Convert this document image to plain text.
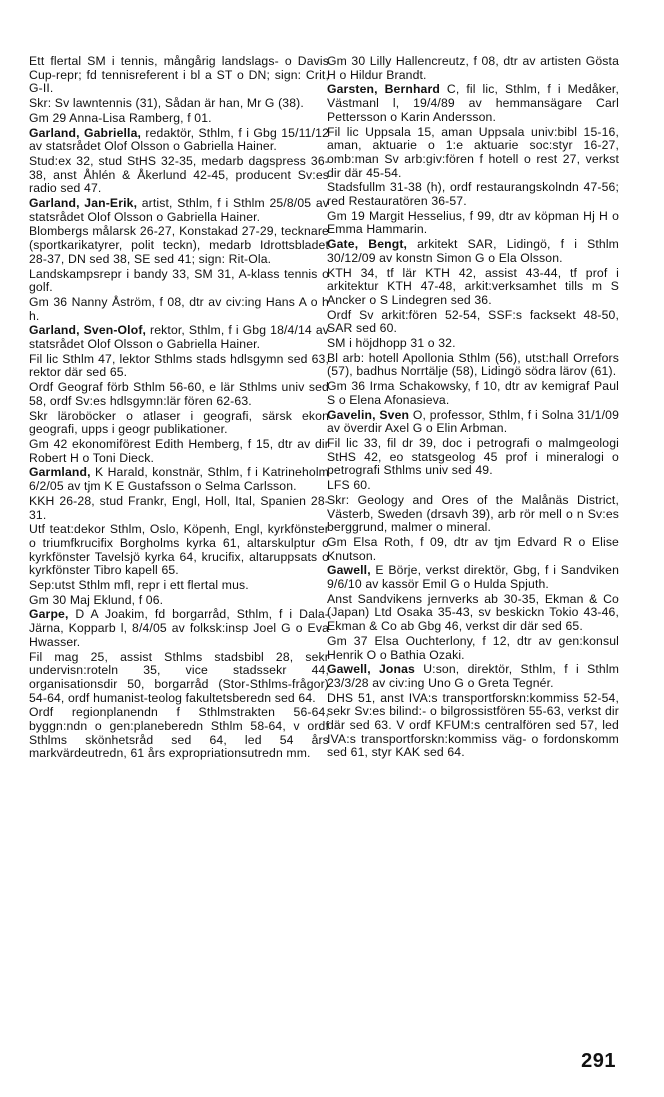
Ett flertal SM i tennis, mångårig landslags- o Davis Cup-repr; fd tennisreferent i bl a ST o DN; sign: Crit, G-II.
Skr: Sv lawntennis (31), Sådan är han, Mr G (38).
Gm 29 Anna-Lisa Ramberg, f 01.
Garland, Gabriella, redaktör, Sthlm, f i Gbg 15/11/12 av statsrådet Olof Olsson o Gabriella Hainer.
Stud:ex 32, stud StHS 32-35, medarb dagspress 36-38, anst Åhlén & Åkerlund 42-45, producent Sv:es radio sed 47.
Garland, Jan-Erik, artist, Sthlm, f i Sthlm 25/8/05 av statsrådet Olof Olsson o Gabriella Hainer.
Blombergs målarsk 26-27, Konstakad 27-29, tecknare (sportkarikatyrer, polit teckn), medarb Idrottsbladet 28-37, DN sed 38, SE sed 41; sign: Rit-Ola.
Landskampsrepr i bandy 33, SM 31, A-klass tennis o golf.
Gm 36 Nanny Åström, f 08, dtr av civ:ing Hans A o h h.
Garland, Sven-Olof, rektor, Sthlm, f i Gbg 18/4/14 av statsrådet Olof Olsson o Gabriella Hainer.
Fil lic Sthlm 47, lektor Sthlms stads hdlsgymn sed 63, rektor där sed 65.
Ordf Geograf förb Sthlm 56-60, e lär Sthlms univ sed 58, ordf Sv:es hdlsgymn:lär fören 62-63.
Skr läroböcker o atlaser i geografi, särsk ekon geografi, upps i geogr publikationer.
Gm 42 ekonomiförest Edith Hemberg, f 15, dtr av dir Robert H o Toni Dieck.
Garmland, K Harald, konstnär, Sthlm, f i Katrineholm 6/2/05 av tjm K E Gustafsson o Selma Carlsson.
KKH 26-28, stud Frankr, Engl, Holl, Ital, Spanien 28-31.
Utf teat:dekor Sthlm, Oslo, Köpenh, Engl, kyrkfönster o triumfkrucifix Borgholms kyrka 61, altarskulptur o kyrkfönster Tavelsjö kyrka 64, krucifix, altaruppsats o kyrkfönster Tibro kapell 65.
Sep:utst Sthlm mfl, repr i ett flertal mus.
Gm 30 Maj Eklund, f 06.
Garpe, D A Joakim, fd borgarråd, Sthlm, f i Dala-Järna, Kopparb l, 8/4/05 av folksk:insp Joel G o Eva Hwasser.
Fil mag 25, assist Sthlms stadsbibl 28, sekr undervisn:roteln 35, vice stadssekr 44, organisationsdir 50, borgarråd (Stor-Sthlms-frågor) 54-64, ordf humanist-teolog fakultetsberedn sed 64.
Ordf regionplanendn f Sthlmstrakten 56-64, byggn:ndn o gen:planeberedn Sthlm 58-64, v ordf Sthlms skönhetsråd sed 64, led 54 års markvärdeutredn, 61 års expropriationsutredn mm.
Gm 30 Lilly Hallencreutz, f 08, dtr av artisten Gösta H o Hildur Brandt.
Garsten, Bernhard C, fil lic, Sthlm, f i Medåker, Västmanl l, 19/4/89 av hemmansägare Carl Pettersson o Karin Andersson.
Fil lic Uppsala 15, aman Uppsala univ:bibl 15-16, aman, aktuarie o 1:e aktuarie soc:styr 16-27, omb:man Sv arb:giv:fören f hotell o rest 27, verkst dir där 45-54.
Stadsfullm 31-38 (h), ordf restaurangskolndn 47-56; red Restauratören 36-57.
Gm 19 Margit Hesselius, f 99, dtr av köpman Hj H o Emma Hammarin.
Gate, Bengt, arkitekt SAR, Lidingö, f i Sthlm 30/12/09 av konstn Simon G o Ela Olsson.
KTH 34, tf lär KTH 42, assist 43-44, tf prof i arkitektur KTH 47-48, arkit:verksamhet tills m S Ancker o S Lindegren sed 36.
Ordf Sv arkit:fören 52-54, SSF:s facksekt 48-50, SAR sed 60.
SM i höjdhopp 31 o 32.
Bl arb: hotell Apollonia Sthlm (56), utst:hall Orrefors (57), badhus Norrtälje (58), Lidingö södra lärov (61).
Gm 36 Irma Schakowsky, f 10, dtr av kemigraf Paul S o Elena Afonasieva.
Gavelin, Sven O, professor, Sthlm, f i Solna 31/1/09 av överdir Axel G o Elin Arbman.
Fil lic 33, fil dr 39, doc i petrografi o malmgeologi StHS 42, eo statsgeolog 45 prof i mineralogi o petrografi Sthlms univ sed 49.
LFS 60.
Skr: Geology and Ores of the Malånäs District, Västerb, Sweden (drsavh 39), arb rör mell o n Sv:es berggrund, malmer o mineral.
Gm Elsa Roth, f 09, dtr av tjm Edvard R o Elise Knutson.
Gawell, E Börje, verkst direktör, Gbg, f i Sandviken 9/6/10 av kassör Emil G o Hulda Spjuth.
Anst Sandvikens jernverks ab 30-35, Ekman & Co (Japan) Ltd Osaka 35-43, sv beskickn Tokio 43-46, Ekman & Co ab Gbg 46, verkst dir där sed 65.
Gm 37 Elsa Ouchterlony, f 12, dtr av gen:konsul Henrik O o Bathia Ozaki.
Gawell, Jonas U:son, direktör, Sthlm, f i Sthlm 23/3/28 av civ:ing Uno G o Greta Tegnér.
DHS 51, anst IVA:s transportforskn:kommiss 52-54, sekr Sv:es bilind:- o bilgrossistfören 55-63, verkst dir där sed 63. V ordf KFUM:s centralfören sed 57, led IVA:s transportforskn:kommiss väg- o fordonskomm sed 61, styr KAK sed 64.
291
